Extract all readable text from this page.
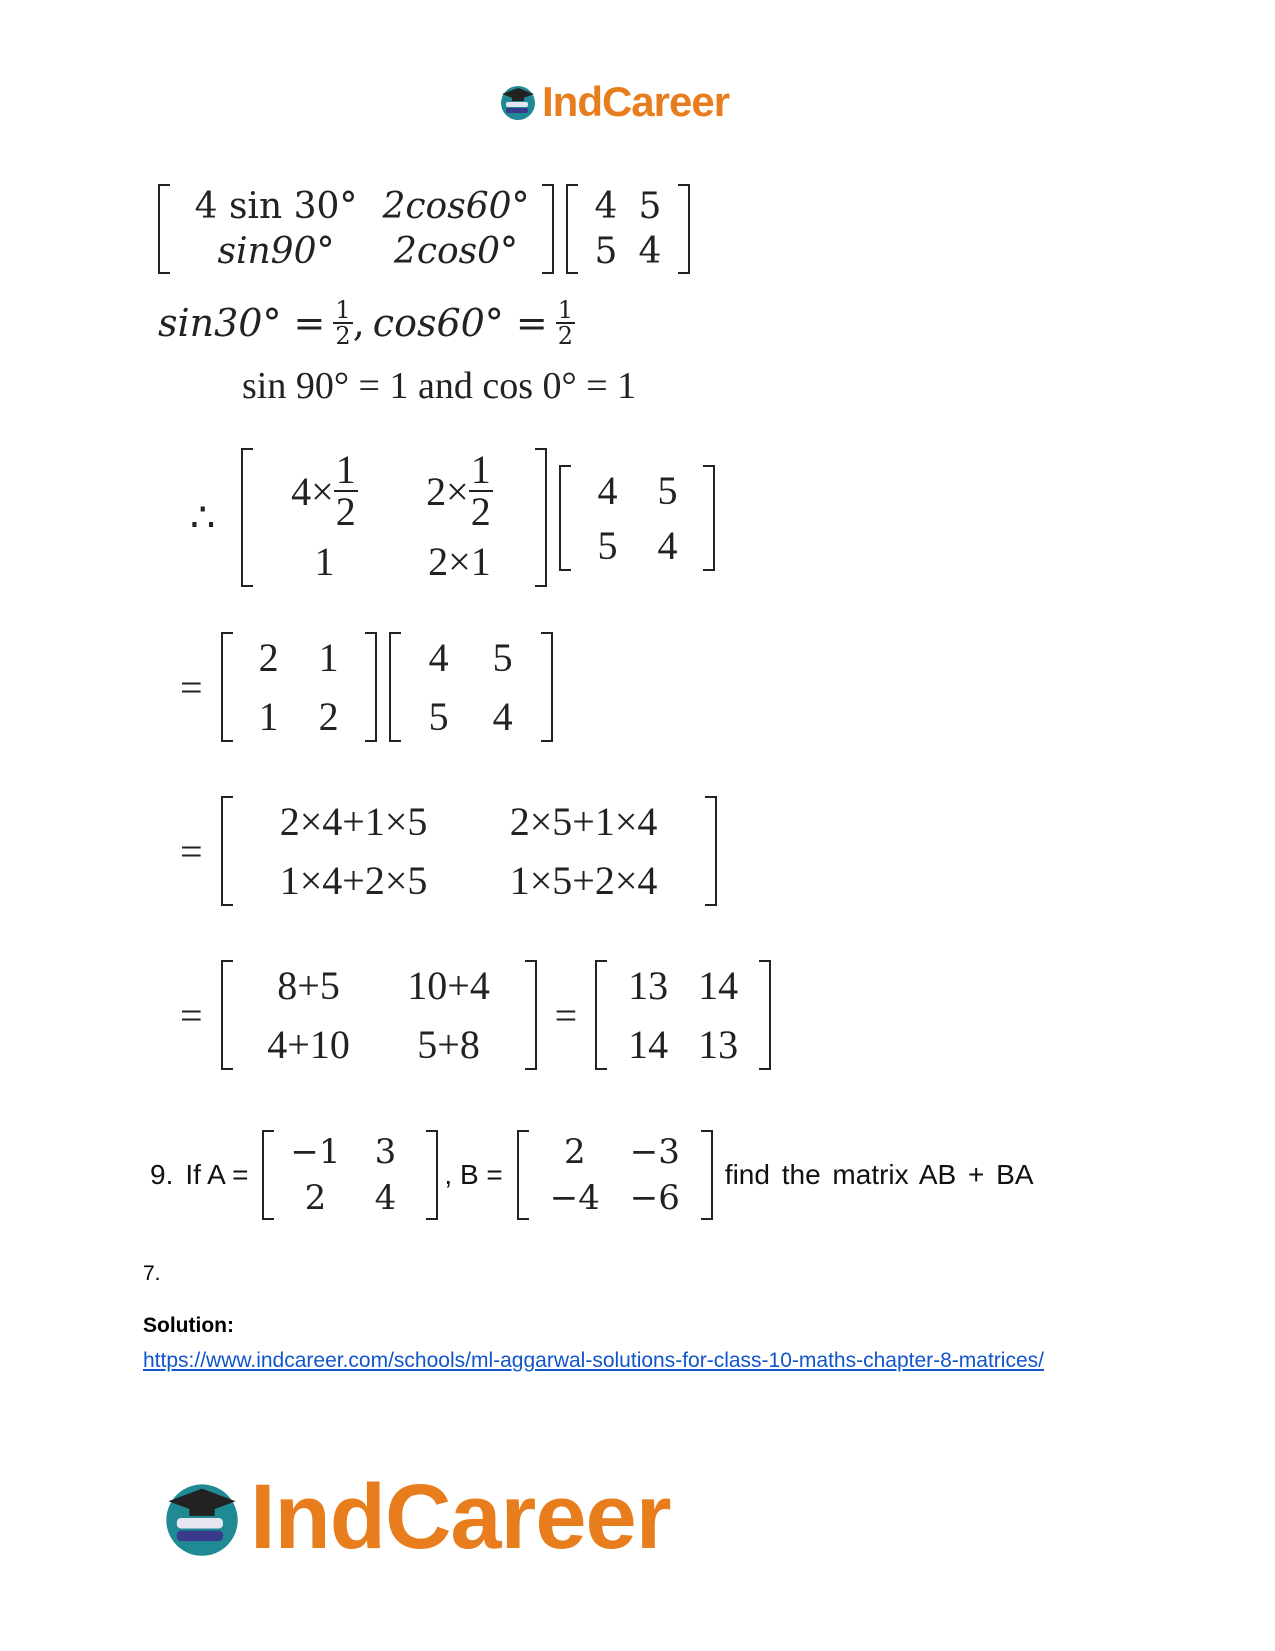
IndCareer
4 sin 30° 2cos60°
sin90° 2cos0°
4 5
5 4
$\sin 30^\circ = \frac{1}{2}$ , $\cos 60^\circ = \frac{1}{2}$
sin 90° = 1 and cos 0° = 1
∴
$4\times \frac{1}{2} 2\times \frac{1}{2}$
1 2×1
4 5
5 4
=
2 1
1 2
4 5
5 4
=
2×4+1×5 2×5+1×4
1×4+2×5 1×5+2×4
=
8+5 10+4
4+10 5+8
=
13 14
14 13
9. If A =
−1 3
2 4
, B =
2 −3
−4 −6
find the matrix AB + BA
7.
Solution:
https://www.indcareer.com/schools/ml-aggarwal-solutions-for-class-10-maths-chapter-8-matrices/
IndCareer
